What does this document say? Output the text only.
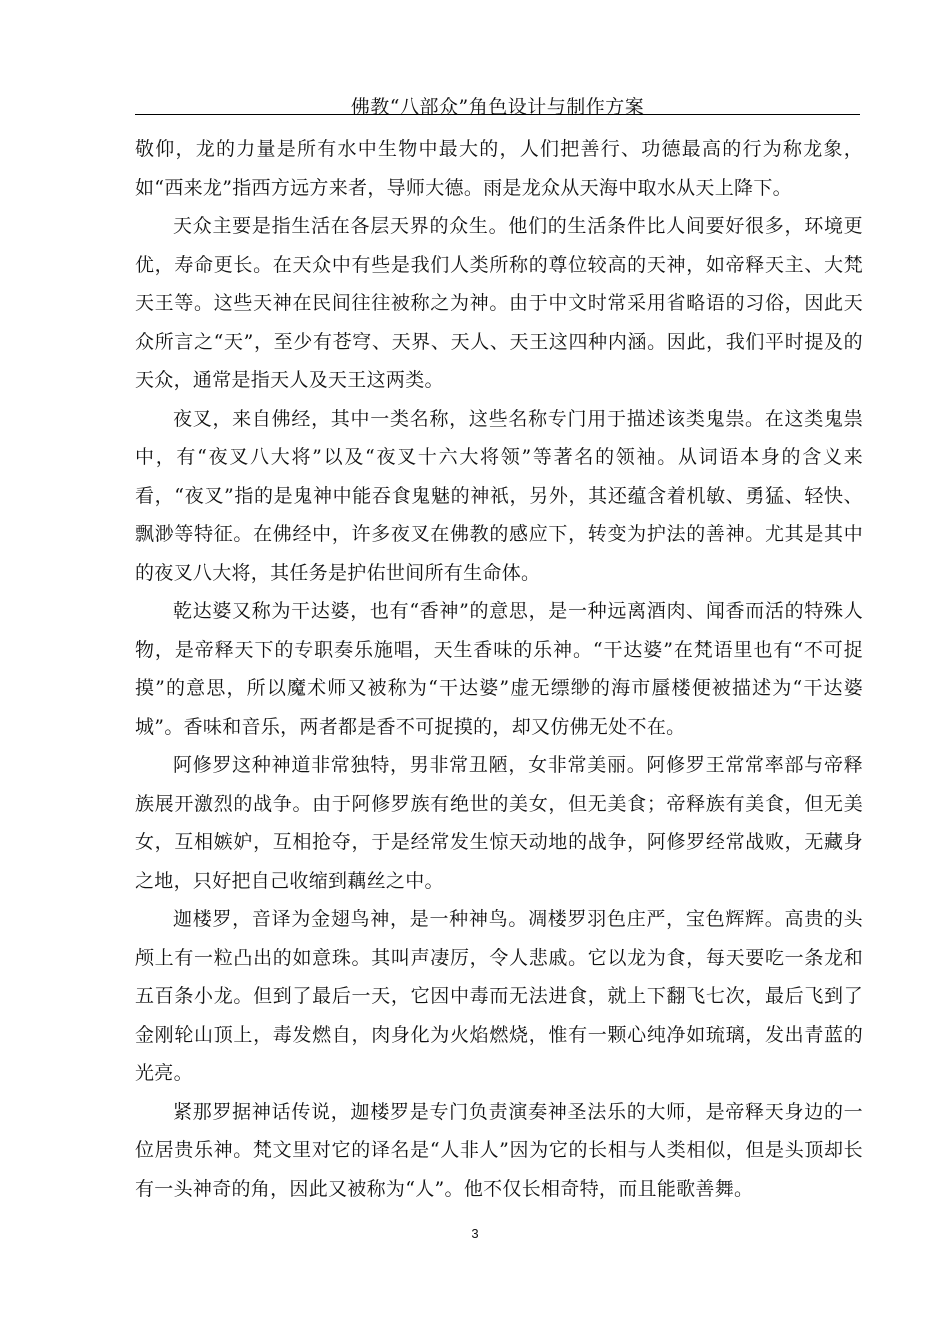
佛教“八部众”角色设计与制作方案

敬仰，龙的力量是所有水中生物中最大的，人们把善行、功德最高的行为称龙象，如“西来龙”指西方远方来者，导师大德。雨是龙众从天海中取水从天上降下。

天众主要是指生活在各层天界的众生。他们的生活条件比人间要好很多，环境更优，寿命更长。在天众中有些是我们人类所称的尊位较高的天神，如帝释天主、大梵天王等。这些天神在民间往往被称之为神。由于中文时常采用省略语的习俗，因此天众所言之“天”，至少有苍穹、天界、天人、天王这四种内涵。因此，我们平时提及的天众，通常是指天人及天王这两类。

夜叉，来自佛经，其中一类名称，这些名称专门用于描述该类鬼祟。在这类鬼祟中，有“夜叉八大将”以及“夜叉十六大将领”等著名的领袖。从词语本身的含义来看，“夜叉”指的是鬼神中能吞食鬼魅的神祇，另外，其还蕴含着机敏、勇猛、轻快、飘渺等特征。在佛经中，许多夜叉在佛教的感应下，转变为护法的善神。尤其是其中的夜叉八大将，其任务是护佑世间所有生命体。

乾达婆又称为干达婆，也有“香神”的意思，是一种远离酒肉、闻香而活的特殊人物，是帝释天下的专职奏乐施唱，天生香味的乐神。“干达婆”在梵语里也有“不可捉摸”的意思，所以魔术师又被称为“干达婆”虚无缥缈的海市蜃楼便被描述为“干达婆城”。香味和音乐，两者都是香不可捉摸的，却又仿佛无处不在。

阿修罗这种神道非常独特，男非常丑陋，女非常美丽。阿修罗王常常率部与帝释族展开激烈的战争。由于阿修罗族有绝世的美女，但无美食；帝释族有美食，但无美女，互相嫉妒，互相抢夺，于是经常发生惊天动地的战争，阿修罗经常战败，无藏身之地，只好把自己收缩到藕丝之中。

迦楼罗，音译为金翅鸟神，是一种神鸟。凋楼罗羽色庄严，宝色辉辉。高贵的头颅上有一粒凸出的如意珠。其叫声凄厉，令人悲戚。它以龙为食，每天要吃一条龙和五百条小龙。但到了最后一天，它因中毒而无法进食，就上下翻飞七次，最后飞到了金刚轮山顶上，毒发燃自，肉身化为火焰燃烧，惟有一颗心纯净如琉璃，发出青蓝的光亮。

紧那罗据神话传说，迦楼罗是专门负责演奏神圣法乐的大师，是帝释天身边的一位居贵乐神。梵文里对它的译名是“人非人”因为它的长相与人类相似，但是头顶却长有一头神奇的角，因此又被称为“人”。他不仅长相奇特，而且能歌善舞。

3
